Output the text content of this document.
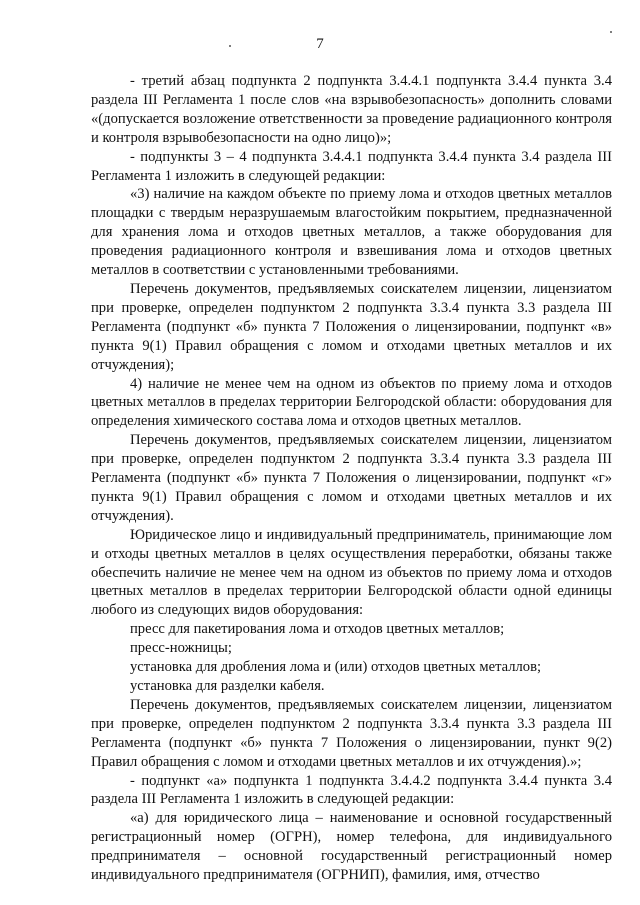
7

- третий абзац подпункта 2 подпункта 3.4.4.1 подпункта 3.4.4 пункта 3.4 раздела III Регламента 1 после слов «на взрывобезопасность» дополнить словами «(допускается возложение ответственности за проведение радиационного контроля и контроля взрывобезопасности на одно лицо)»;

- подпункты 3 – 4 подпункта 3.4.4.1 подпункта 3.4.4 пункта 3.4 раздела III Регламента 1 изложить в следующей редакции:

«3) наличие на каждом объекте по приему лома и отходов цветных металлов площадки с твердым неразрушаемым влагостойким покрытием, предназначенной для хранения лома и отходов цветных металлов, а также оборудования для проведения радиационного контроля и взвешивания лома и отходов цветных металлов в соответствии с установленными требованиями.

Перечень документов, предъявляемых соискателем лицензии, лицензиатом при проверке, определен подпунктом 2 подпункта 3.3.4 пункта 3.3 раздела III Регламента (подпункт «б» пункта 7 Положения о лицензировании, подпункт «в» пункта 9(1) Правил обращения с ломом и отходами цветных металлов и их отчуждения);

4) наличие не менее чем на одном из объектов по приему лома и отходов цветных металлов в пределах территории Белгородской области: оборудования для определения химического состава лома и отходов цветных металлов.

Перечень документов, предъявляемых соискателем лицензии, лицензиатом при проверке, определен подпунктом 2 подпункта 3.3.4 пункта 3.3 раздела III Регламента (подпункт «б» пункта 7 Положения о лицензировании, подпункт «г» пункта 9(1) Правил обращения с ломом и отходами цветных металлов и их отчуждения).

Юридическое лицо и индивидуальный предприниматель, принимающие лом и отходы цветных металлов в целях осуществления переработки, обязаны также обеспечить наличие не менее чем на одном из объектов по приему лома и отходов цветных металлов в пределах территории Белгородской области одной единицы любого из следующих видов оборудования:

пресс для пакетирования лома и отходов цветных металлов;

пресс-ножницы;

установка для дробления лома и (или) отходов цветных металлов;

установка для разделки кабеля.

Перечень документов, предъявляемых соискателем лицензии, лицензиатом при проверке, определен подпунктом 2 подпункта 3.3.4 пункта 3.3 раздела III Регламента (подпункт «б» пункта 7 Положения о лицензировании, пункт 9(2) Правил обращения с ломом и отходами цветных металлов и их отчуждения).»;

- подпункт «а» подпункта 1 подпункта 3.4.4.2 подпункта 3.4.4 пункта 3.4 раздела III Регламента 1 изложить в следующей редакции:

«а) для юридического лица – наименование и основной государственный регистрационный номер (ОГРН), номер телефона, для индивидуального предпринимателя – основной государственный регистрационный номер индивидуального предпринимателя (ОГРНИП), фамилия, имя, отчество
